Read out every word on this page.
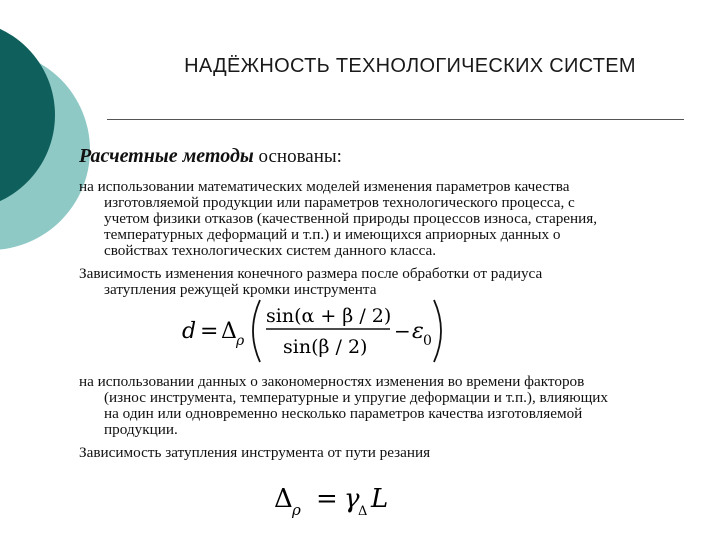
НАДЁЖНОСТЬ ТЕХНОЛОГИЧЕСКИХ СИСТЕМ
Расчетные методы основаны:
на использовании математических моделей изменения параметров качества
изготовляемой продукции или параметров технологического процесса, с
учетом физики отказов (качественной природы процессов износа, старения,
температурных деформаций и т.п.) и имеющихся априорных данных о
свойствах технологических систем данного класса.
Зависимость изменения конечного размера после обработки от радиуса
затупления режущей кромки инструмента
d = Δ ρ
sin(α + β / 2)
sin(β / 2)
− ε 0
на использовании данных о закономерностях изменения во времени факторов
(износ инструмента, температурные и упругие деформации и т.п.), влияющих
на один или одновременно несколько параметров качества изготовляемой
продукции.
Зависимость затупления инструмента от пути резания
Δ ρ = γ
Δ L
